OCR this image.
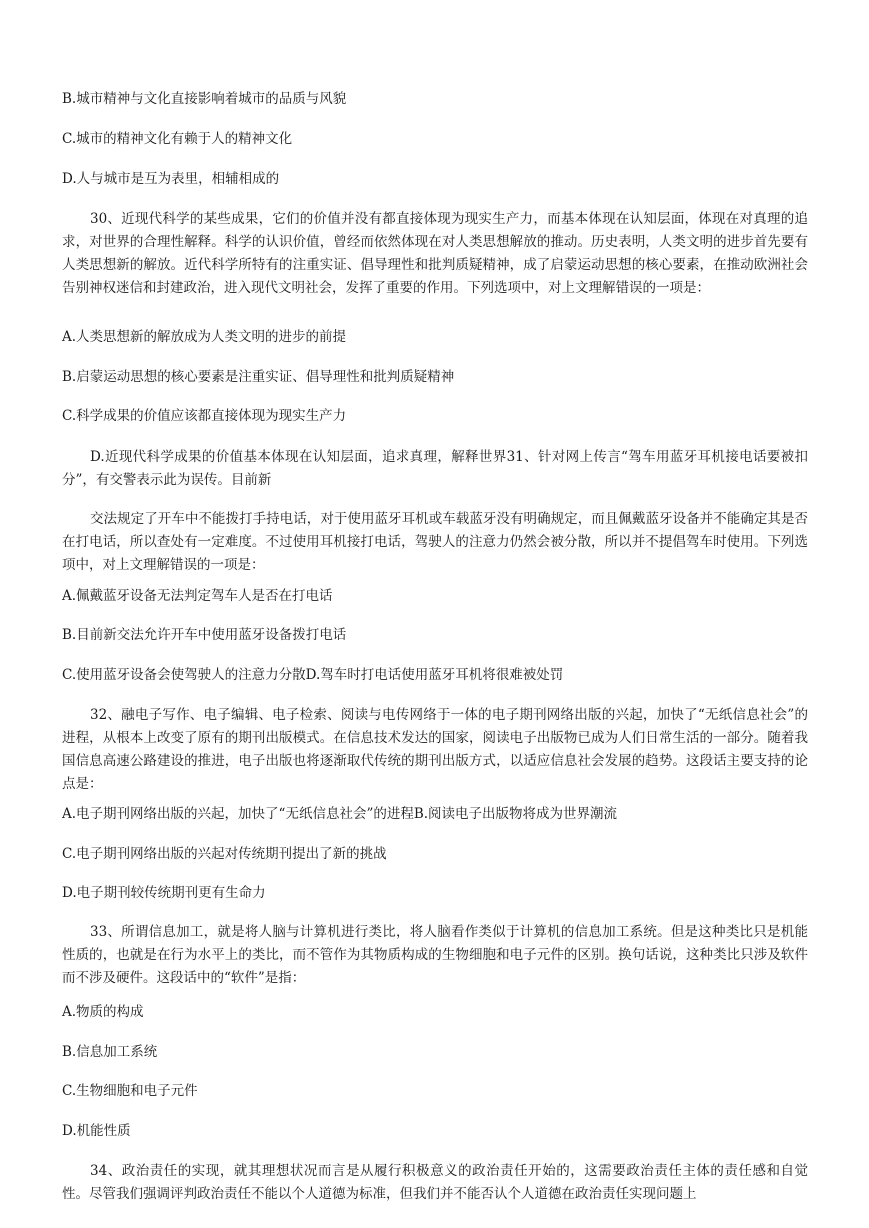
B.城市精神与文化直接影响着城市的品质与风貌

C.城市的精神文化有赖于人的精神文化

D.人与城市是互为表里，相辅相成的

30、近现代科学的某些成果，它们的价值并没有都直接体现为现实生产力，而基本体现在认知层面，体现在对真理的追求，对世界的合理性解释。科学的认识价值，曾经而依然体现在对人类思想解放的推动。历史表明，人类文明的进步首先要有人类思想新的解放。近代科学所特有的注重实证、倡导理性和批判质疑精神，成了启蒙运动思想的核心要素，在推动欧洲社会告别神权迷信和封建政治，进入现代文明社会，发挥了重要的作用。下列选项中，对上文理解错误的一项是：

A.人类思想新的解放成为人类文明的进步的前提

B.启蒙运动思想的核心要素是注重实证、倡导理性和批判质疑精神

C.科学成果的价值应该都直接体现为现实生产力

D.近现代科学成果的价值基本体现在认知层面，追求真理，解释世界31、针对网上传言“驾车用蓝牙耳机接电话要被扣分”，有交警表示此为误传。目前新

交法规定了开车中不能拨打手持电话，对于使用蓝牙耳机或车载蓝牙没有明确规定，而且佩戴蓝牙设备并不能确定其是否在打电话，所以查处有一定难度。不过使用耳机接打电话，驾驶人的注意力仍然会被分散，所以并不提倡驾车时使用。下列选项中，对上文理解错误的一项是：

A.佩戴蓝牙设备无法判定驾车人是否在打电话

B.目前新交法允许开车中使用蓝牙设备拨打电话

C.使用蓝牙设备会使驾驶人的注意力分散D.驾车时打电话使用蓝牙耳机将很难被处罚

32、融电子写作、电子编辑、电子检索、阅读与电传网络于一体的电子期刊网络出版的兴起，加快了“无纸信息社会”的进程，从根本上改变了原有的期刊出版模式。在信息技术发达的国家，阅读电子出版物已成为人们日常生活的一部分。随着我国信息高速公路建设的推进，电子出版也将逐渐取代传统的期刊出版方式，以适应信息社会发展的趋势。这段话主要支持的论点是：

A.电子期刊网络出版的兴起，加快了“无纸信息社会”的进程B.阅读电子出版物将成为世界潮流

C.电子期刊网络出版的兴起对传统期刊提出了新的挑战

D.电子期刊较传统期刊更有生命力

33、所谓信息加工，就是将人脑与计算机进行类比，将人脑看作类似于计算机的信息加工系统。但是这种类比只是机能性质的，也就是在行为水平上的类比，而不管作为其物质构成的生物细胞和电子元件的区别。换句话说，这种类比只涉及软件而不涉及硬件。这段话中的“软件”是指：

A.物质的构成

B.信息加工系统

C.生物细胞和电子元件

D.机能性质

34、政治责任的实现，就其理想状况而言是从履行积极意义的政治责任开始的，这需要政治责任主体的责任感和自觉性。尽管我们强调评判政治责任不能以个人道德为标准，但我们并不能否认个人道德在政治责任实现问题上
